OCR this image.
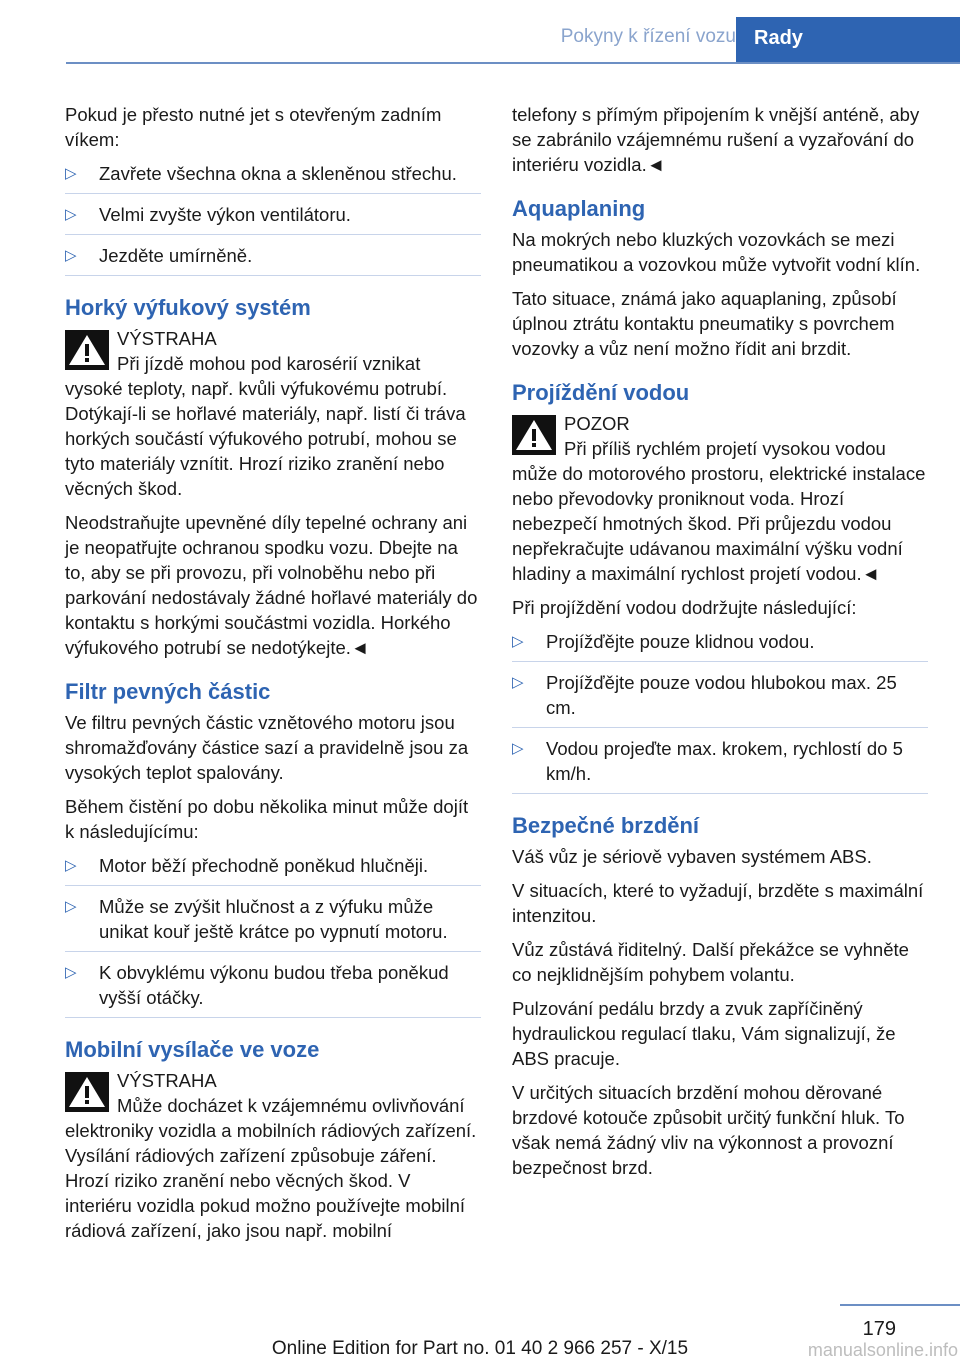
Pokyny k řízení vozu Rady

Pokud je přesto nutné jet s otevřeným zadním víkem:

▷ Zavřete všechna okna a skleněnou střechu.
▷ Velmi zvyšte výkon ventilátoru.
▷ Jezděte umírněně.
Horký výfukový systém
VÝSTRAHA
Při jízdě mohou pod karosérií vznikat vysoké teploty, např. kvůli výfukovému potrubí. Dotýkají-li se hořlavé materiály, např. listí či tráva horkých součástí výfukového potrubí, mohou se tyto materiály vznítit. Hrozí riziko zranění nebo věcných škod.

Neodstraňujte upevněné díly tepelné ochrany ani je neopatřujte ochranou spodku vozu. Dbejte na to, aby se při provozu, při volnoběhu nebo při parkování nedostávaly žádné hořlavé materiály do kontaktu s horkými součástmi vozidla. Horkého výfukového potrubí se nedotýkejte.◄

Filtr pevných částic

Ve filtru pevných částic vznětového motoru jsou shromažďovány částice sazí a pravidelně jsou za vysokých teplot spalovány.

Během čistění po dobu několika minut může dojít k následujícímu:

▷ Motor běží přechodně poněkud hlučněji.
▷ Může se zvýšit hlučnost a z výfuku může unikat kouř ještě krátce po vypnutí motoru.
▷ K obvyklému výkonu budou třeba poněkud vyšší otáčky.
Mobilní vysílače ve voze
VÝSTRAHA
Může docházet k vzájemnému ovlivňování elektroniky vozidla a mobilních rádiových zařízení. Vysílání rádiových zařízení způsobuje záření. Hrozí riziko zranění nebo věcných škod. V interiéru vozidla pokud možno používejte mobilní rádiová zařízení, jako jsou např. mobilní

telefony s přímým připojením k vnější anténě, aby se zabránilo vzájemnému rušení a vyzařování do interiéru vozidla.◄

Aquaplaning

Na mokrých nebo kluzkých vozovkách se mezi pneumatikou a vozovkou může vytvořit vodní klín.

Tato situace, známá jako aquaplaning, způsobí úplnou ztrátu kontaktu pneumatiky s povrchem vozovky a vůz není možno řídit ani brzdit.

Projíždění vodou
POZOR
Při příliš rychlém projetí vysokou vodou může do motorového prostoru, elektrické instalace nebo převodovky proniknout voda. Hrozí nebezpečí hmotných škod. Při průjezdu vodou nepřekračujte udávanou maximální výšku vodní hladiny a maximální rychlost projetí vodou.◄

Při projíždění vodou dodržujte následující:

▷ Projížďějte pouze klidnou vodou.
▷ Projížďějte pouze vodou hlubokou max. 25 cm.
▷ Vodou projeďte max. krokem, rychlostí do 5 km/h.
Bezpečné brzdění

Váš vůz je sériově vybaven systémem ABS.

V situacích, které to vyžadují, brzděte s maximální intenzitou.

Vůz zůstává řiditelný. Další překážce se vyhněte co nejklidnějším pohybem volantu.

Pulzování pedálu brzdy a zvuk zapříčiněný hydraulickou regulací tlaku, Vám signalizují, že ABS pracuje.

V určitých situacích brzdění mohou děrované brzdové kotouče způsobit určitý funkční hluk. To však nemá žádný vliv na výkonnost a provozní bezpečnost brzd.

179
Online Edition for Part no. 01 40 2 966 257 - X/15	manualsonline.info
